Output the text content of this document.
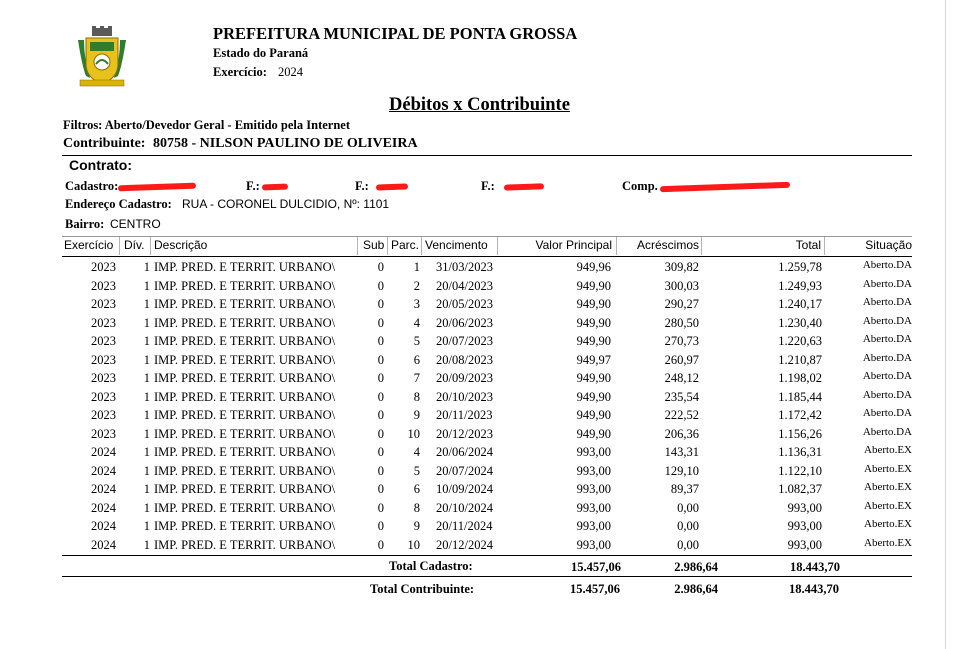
PREFEITURA MUNICIPAL DE PONTA GROSSA
Estado do Paraná
Exercício: 2024
Débitos x Contribuinte
Filtros: Aberto/Devedor Geral - Emitido pela Internet
Contribuinte: 80758 - NILSON PAULINO DE OLIVEIRA
Contrato:
Cadastro:	F.:	F.:	F.:	Comp.
Endereço Cadastro: RUA - CORONEL DULCIDIO, Nº: 1101
Bairro: CENTRO
Exercício Dív. Descrição	Sub Parc. Vencimento	Valor Principal	Acréscimos	Total	Situação
2023	1 IMP. PRED. E TERRIT. URBANO\	0	1 31/03/2023	949,96	309,82	1.259,78	Aberto.DA
2023	1 IMP. PRED. E TERRIT. URBANO\	0	2 20/04/2023	949,90	300,03	1.249,93	Aberto.DA
2023	1 IMP. PRED. E TERRIT. URBANO\	0	3 20/05/2023	949,90	290,27	1.240,17	Aberto.DA
2023	1 IMP. PRED. E TERRIT. URBANO\	0	4 20/06/2023	949,90	280,50	1.230,40	Aberto.DA
2023	1 IMP. PRED. E TERRIT. URBANO\	0	5 20/07/2023	949,90	270,73	1.220,63	Aberto.DA
2023	1 IMP. PRED. E TERRIT. URBANO\	0	6 20/08/2023	949,97	260,97	1.210,87	Aberto.DA
2023	1 IMP. PRED. E TERRIT. URBANO\	0	7 20/09/2023	949,90	248,12	1.198,02	Aberto.DA
2023	1 IMP. PRED. E TERRIT. URBANO\	0	8 20/10/2023	949,90	235,54	1.185,44	Aberto.DA
2023	1 IMP. PRED. E TERRIT. URBANO\	0	9 20/11/2023	949,90	222,52	1.172,42	Aberto.DA
2023	1 IMP. PRED. E TERRIT. URBANO\	0	10 20/12/2023	949,90	206,36	1.156,26	Aberto.DA
2024	1 IMP. PRED. E TERRIT. URBANO\	0	4 20/06/2024	993,00	143,31	1.136,31	Aberto.EX
2024	1 IMP. PRED. E TERRIT. URBANO\	0	5 20/07/2024	993,00	129,10	1.122,10	Aberto.EX
2024	1 IMP. PRED. E TERRIT. URBANO\	0	6 10/09/2024	993,00	89,37	1.082,37	Aberto.EX
2024	1 IMP. PRED. E TERRIT. URBANO\	0	8 20/10/2024	993,00	0,00	993,00	Aberto.EX
2024	1 IMP. PRED. E TERRIT. URBANO\	0	9 20/11/2024	993,00	0,00	993,00	Aberto.EX
2024	1 IMP. PRED. E TERRIT. URBANO\	0	10 20/12/2024	993,00	0,00	993,00	Aberto.EX
Total Cadastro:	15.457,06	2.986,64	18.443,70
Total Contribuinte:	15.457,06	2.986,64	18.443,70
